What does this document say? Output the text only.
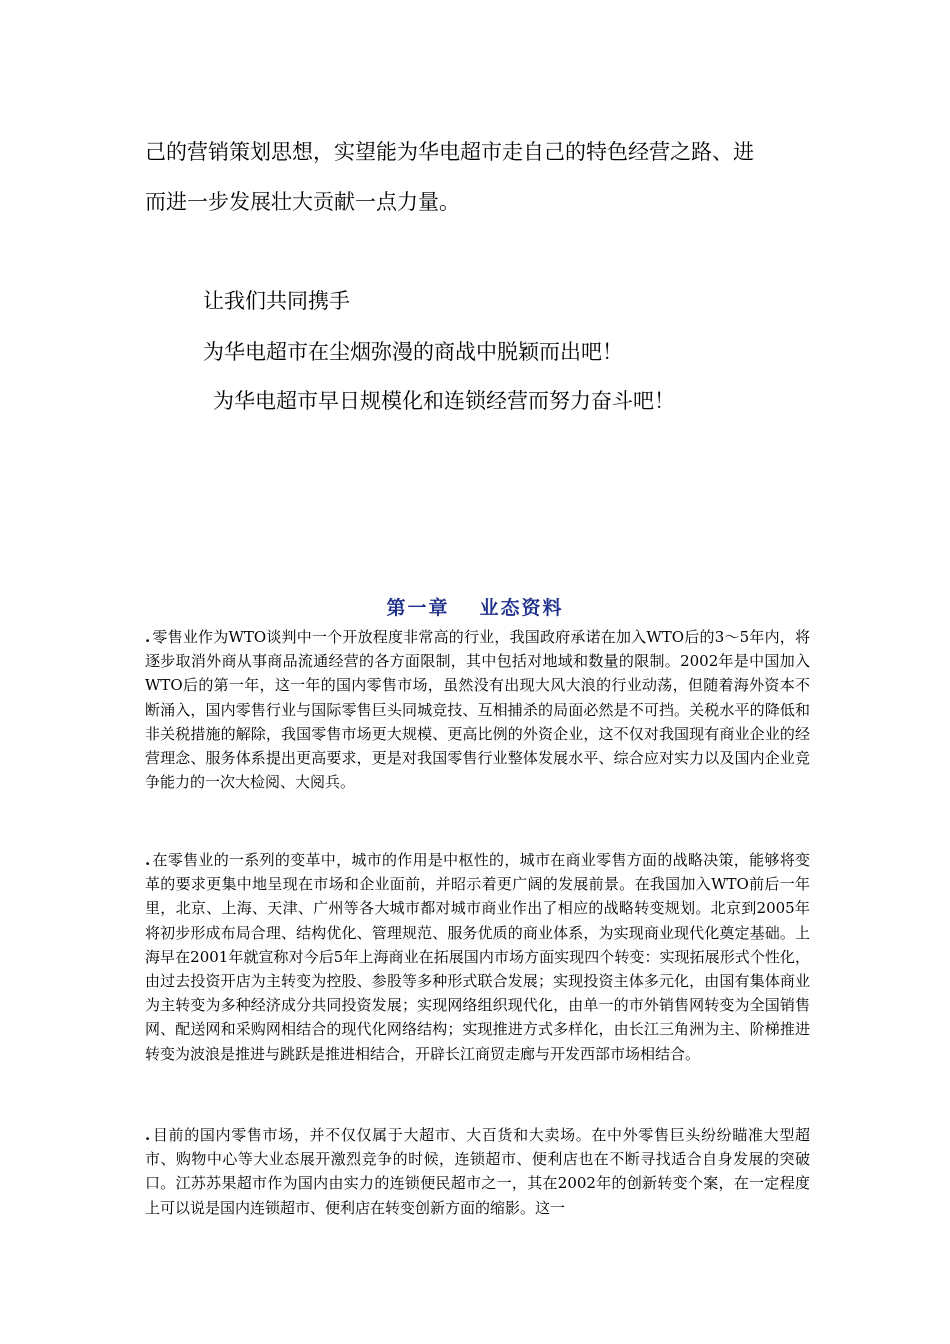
己的营销策划思想，实望能为华电超市走自己的特色经营之路、进
而进一步发展壮大贡献一点力量。
让我们共同携手
为华电超市在尘烟弥漫的商战中脱颖而出吧！
为华电超市早日规模化和连锁经营而努力奋斗吧！
第一章 业态资料
. 零售业作为WTO谈判中一个开放程度非常高的行业，我国政府承诺在加入WTO后的3～5年内，将逐步取消外商从事商品流通经营的各方面限制，其中包括对地域和数量的限制。2002年是中国加入WTO后的第一年，这一年的国内零售市场，虽然没有出现大风大浪的行业动荡，但随着海外资本不断涌入，国内零售行业与国际零售巨头同城竞技、互相捕杀的局面必然是不可挡。关税水平的降低和非关税措施的解除，我国零售市场更大规模、更高比例的外资企业，这不仅对我国现有商业企业的经营理念、服务体系提出更高要求，更是对我国零售行业整体发展水平、综合应对实力以及国内企业竞争能力的一次大检阅、大阅兵。
. 在零售业的一系列的变革中，城市的作用是中枢性的，城市在商业零售方面的战略决策，能够将变革的要求更集中地呈现在市场和企业面前，并昭示着更广阔的发展前景。在我国加入WTO前后一年里，北京、上海、天津、广州等各大城市都对城市商业作出了相应的战略转变规划。北京到2005年将初步形成布局合理、结构优化、管理规范、服务优质的商业体系，为实现商业现代化奠定基础。上海早在2001年就宣称对今后5年上海商业在拓展国内市场方面实现四个转变：实现拓展形式个性化，由过去投资开店为主转变为控股、参股等多种形式联合发展；实现投资主体多元化，由国有集体商业为主转变为多种经济成分共同投资发展；实现网络组织现代化，由单一的市外销售网转变为全国销售网、配送网和采购网相结合的现代化网络结构；实现推进方式多样化，由长江三角洲为主、阶梯推进转变为波浪是推进与跳跃是推进相结合，开辟长江商贸走廊与开发西部市场相结合。
. 目前的国内零售市场，并不仅仅属于大超市、大百货和大卖场。在中外零售巨头纷纷瞄准大型超市、购物中心等大业态展开激烈竞争的时候，连锁超市、便利店也在不断寻找适合自身发展的突破口。江苏苏果超市作为国内由实力的连锁便民超市之一，其在2002年的创新转变个案，在一定程度上可以说是国内连锁超市、便利店在转变创新方面的缩影。这一
